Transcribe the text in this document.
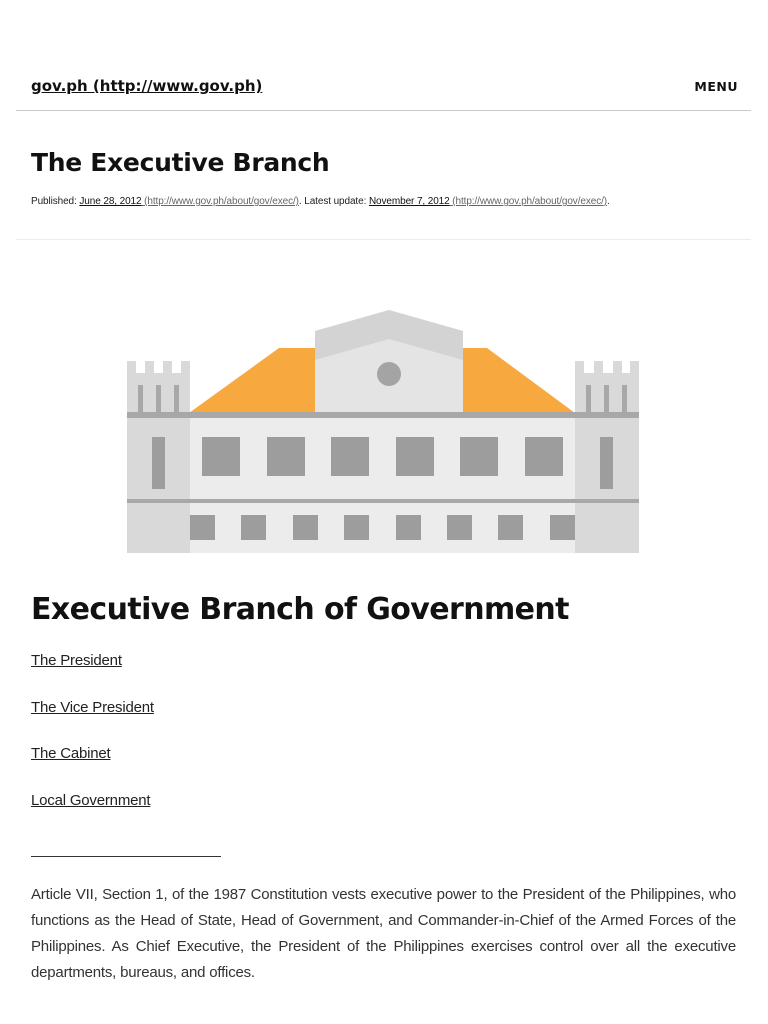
gov.ph (http://www.gov.ph)	MENU
The Executive Branch
Published: June 28, 2012 (http://www.gov.ph/about/gov/exec/). Latest update: November 7, 2012 (http://www.gov.ph/about/gov/exec/).
Executive Branch of Government
The President
The Vice President
The Cabinet
Local Government

Article VII, Section 1, of the 1987 Constitution vests executive power to the President of the Philippines, who functions as the Head of State, Head of Government, and Commander-in-Chief of the Armed Forces of the Philippines. As Chief Executive, the President of the Philippines exercises control over all the executive departments, bureaus, and offices.
